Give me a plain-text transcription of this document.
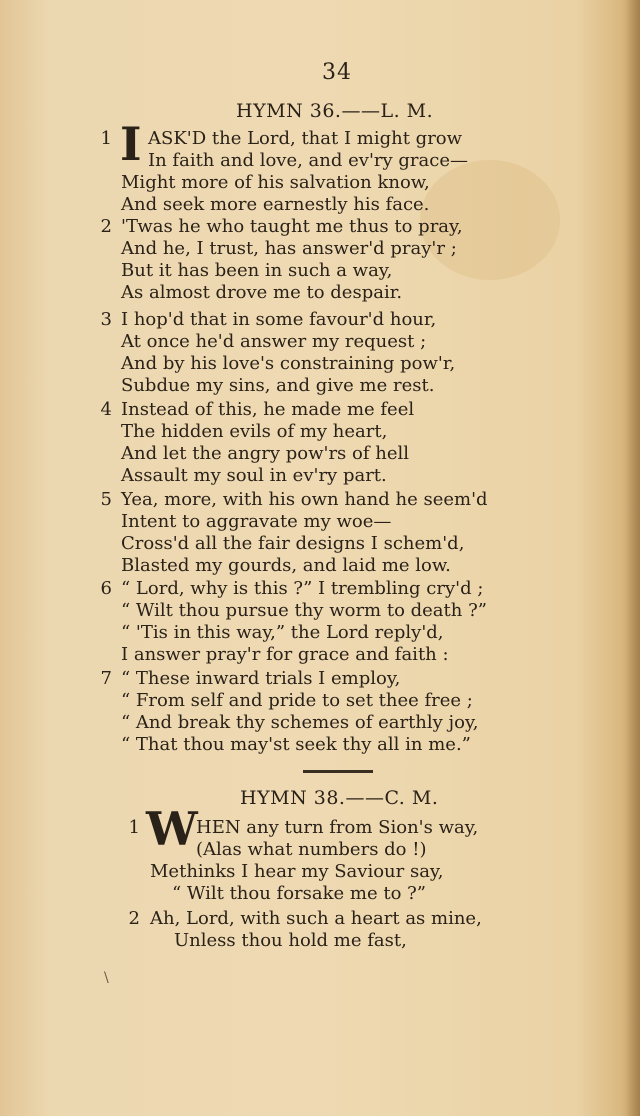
34
HYMN 36.——L. M.
1 I ASK'D the Lord, that I might grow
In faith and love, and ev'ry grace—
Might more of his salvation know,
And seek more earnestly his face.
2 'Twas he who taught me thus to pray,
And he, I trust, has answer'd pray'r ;
But it has been in such a way,
As almost drove me to despair.
3 I hop'd that in some favour'd hour,
At once he'd answer my request ;
And by his love's constraining pow'r,
Subdue my sins, and give me rest.
4 Instead of this, he made me feel
The hidden evils of my heart,
And let the angry pow'rs of hell
Assault my soul in ev'ry part.
5 Yea, more, with his own hand he seem'd
Intent to aggravate my woe—
Cross'd all the fair designs I schem'd,
Blasted my gourds, and laid me low.
6 “ Lord, why is this ?” I trembling cry'd ;
“ Wilt thou pursue thy worm to death ?”
“ 'Tis in this way,” the Lord reply'd,
I answer pray'r for grace and faith :
7 “ These inward trials I employ,
“ From self and pride to set thee free ;
“ And break thy schemes of earthly joy,
“ That thou may'st seek thy all in me.”
HYMN 38.——C. M.
1 W
HEN any turn from Sion's way,
(Alas what numbers do !)
Methinks I hear my Saviour say,
“ Wilt thou forsake me to ?”
2 Ah, Lord, with such a heart as mine,
Unless thou hold me fast,
\
